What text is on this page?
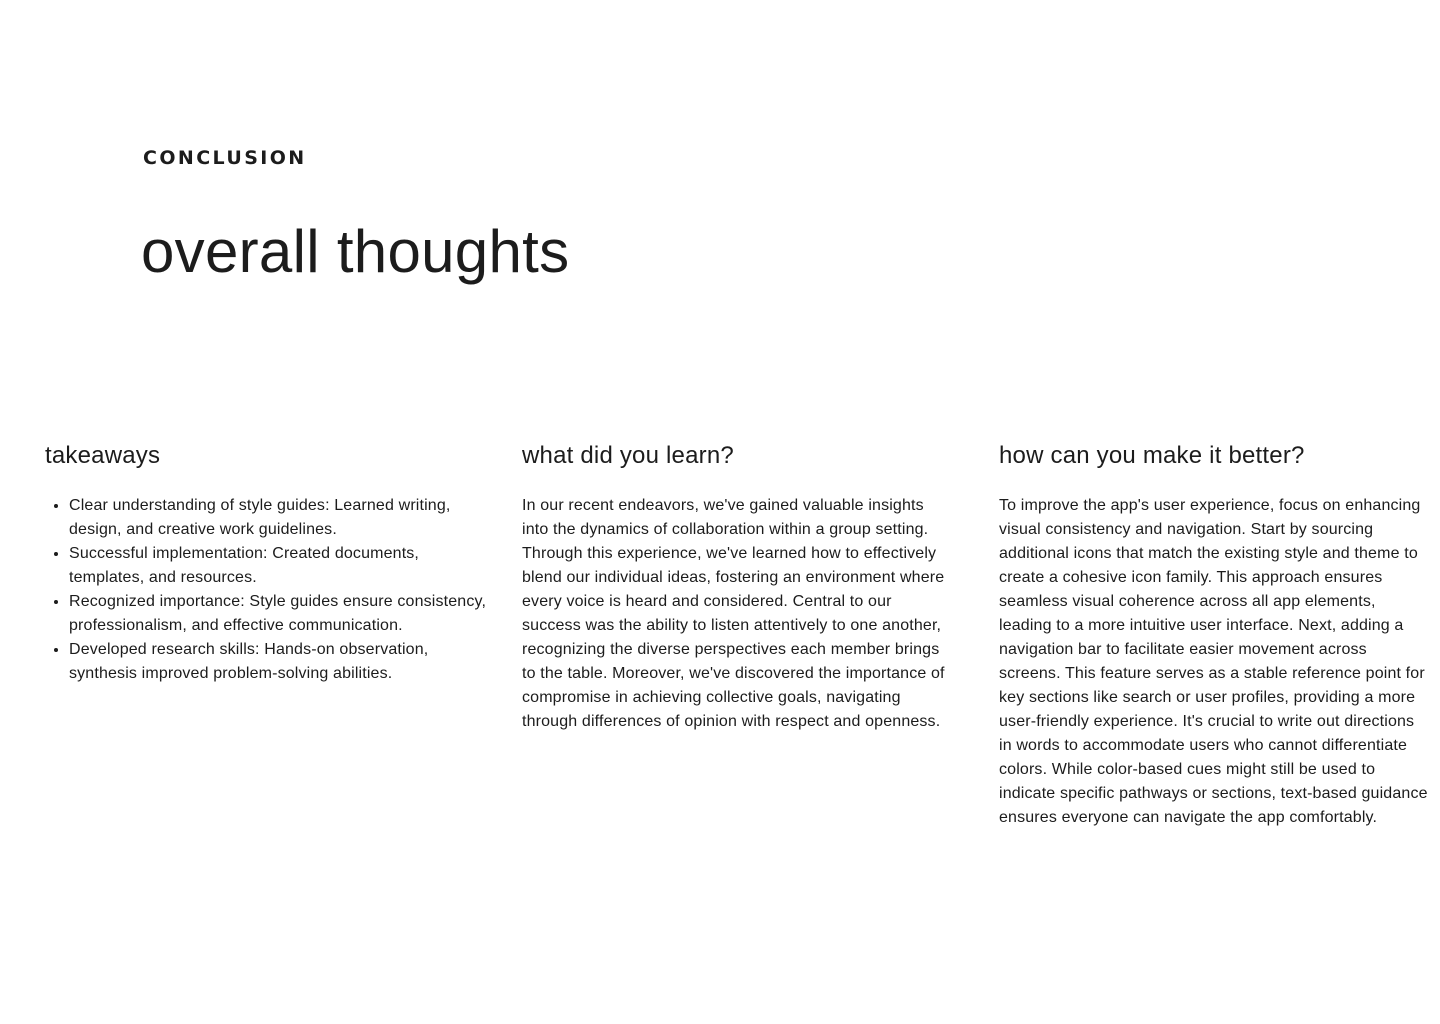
CONCLUSION
overall thoughts
takeaways
• Clear understanding of style guides: Learned writing, design, and creative work guidelines.
• Successful implementation: Created documents, templates, and resources.
• Recognized importance: Style guides ensure consistency, professionalism, and effective communication.
• Developed research skills: Hands-on observation, synthesis improved problem-solving abilities.
what did you learn?

In our recent endeavors, we've gained valuable insights into the dynamics of collaboration within a group setting. Through this experience, we've learned how to effectively blend our individual ideas, fostering an environment where every voice is heard and considered. Central to our success was the ability to listen attentively to one another, recognizing the diverse perspectives each member brings to the table. Moreover, we've discovered the importance of compromise in achieving collective goals, navigating through differences of opinion with respect and openness.

how can you make it better?

To improve the app's user experience, focus on enhancing visual consistency and navigation. Start by sourcing additional icons that match the existing style and theme to create a cohesive icon family. This approach ensures seamless visual coherence across all app elements, leading to a more intuitive user interface. Next, adding a navigation bar to facilitate easier movement across screens. This feature serves as a stable reference point for key sections like search or user profiles, providing a more user-friendly experience. It's crucial to write out directions in words to accommodate users who cannot differentiate colors. While color-based cues might still be used to indicate specific pathways or sections, text-based guidance ensures everyone can navigate the app comfortably.
